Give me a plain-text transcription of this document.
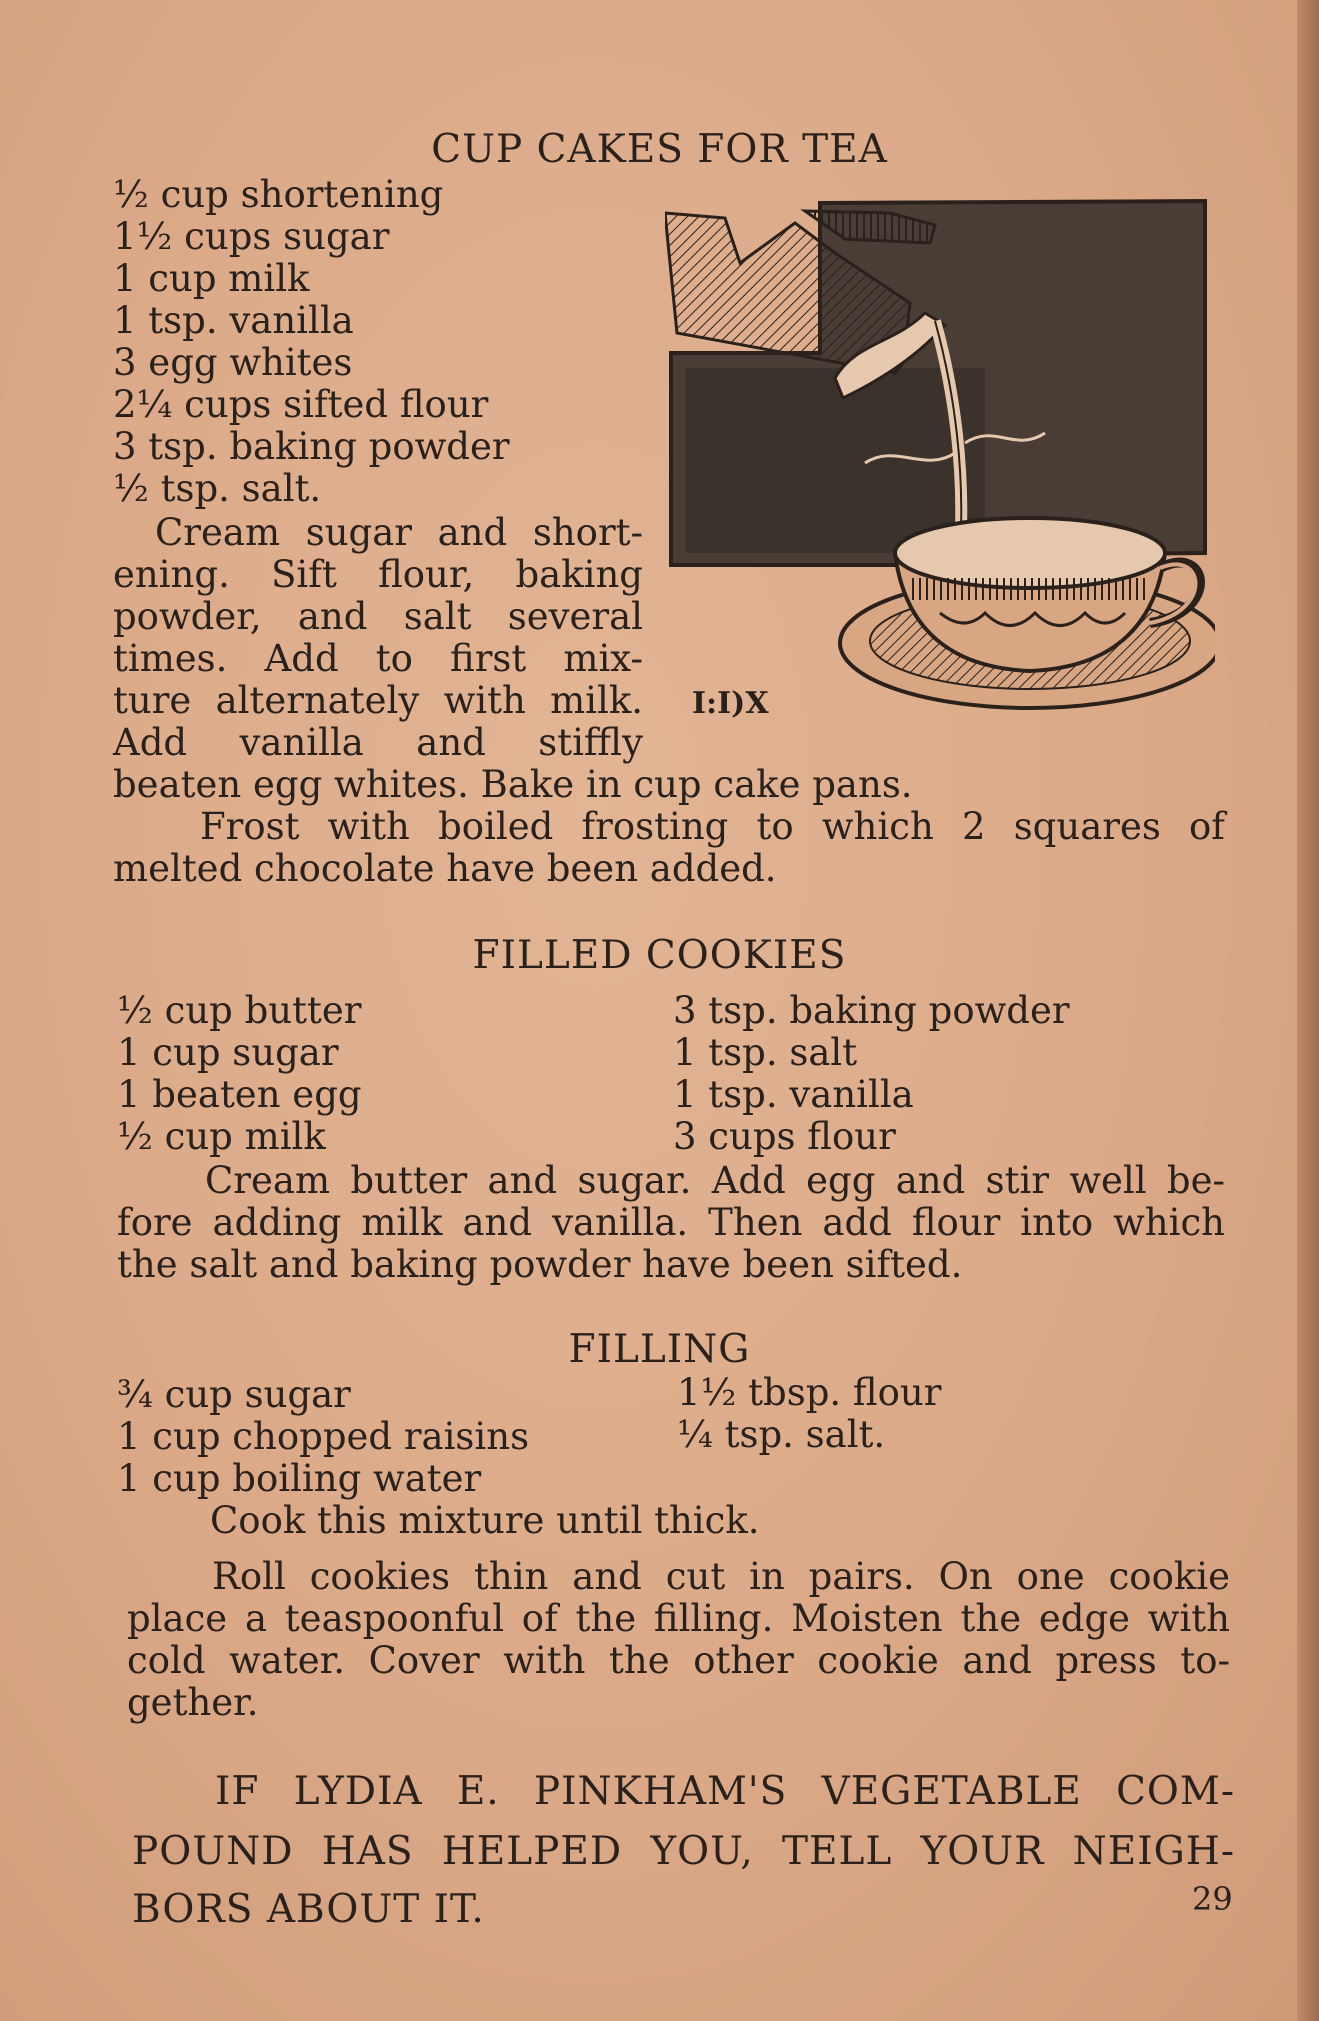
CUP CAKES FOR TEA

½ cup shortening

1½ cups sugar

1 cup milk

1 tsp. vanilla

3 egg whites

2¼ cups sifted flour

3 tsp. baking powder

½ tsp. salt.

Cream sugar and short-

ening. Sift flour, baking

powder, and salt several

times. Add to first mix-

ture alternately with milk.

Add vanilla and stiffly

beaten egg whites. Bake in cup cake pans.

Frost with boiled frosting to which 2 squares of

melted chocolate have been added.

I:I)X
FILLED COOKIES

½ cup butter

1 cup sugar

1 beaten egg

½ cup milk

3 tsp. baking powder

1 tsp. salt

1 tsp. vanilla

3 cups flour

Cream butter and sugar. Add egg and stir well be-

fore adding milk and vanilla. Then add flour into which

the salt and baking powder have been sifted.

FILLING

¾ cup sugar

1 cup chopped raisins

1 cup boiling water

1½ tbsp. flour

¼ tsp. salt.

Cook this mixture until thick.

Roll cookies thin and cut in pairs. On one cookie

place a teaspoonful of the filling. Moisten the edge with

cold water. Cover with the other cookie and press to-

gether.

IF LYDIA E. PINKHAM'S VEGETABLE COM-

POUND HAS HELPED YOU, TELL YOUR NEIGH-

BORS ABOUT IT.	29
